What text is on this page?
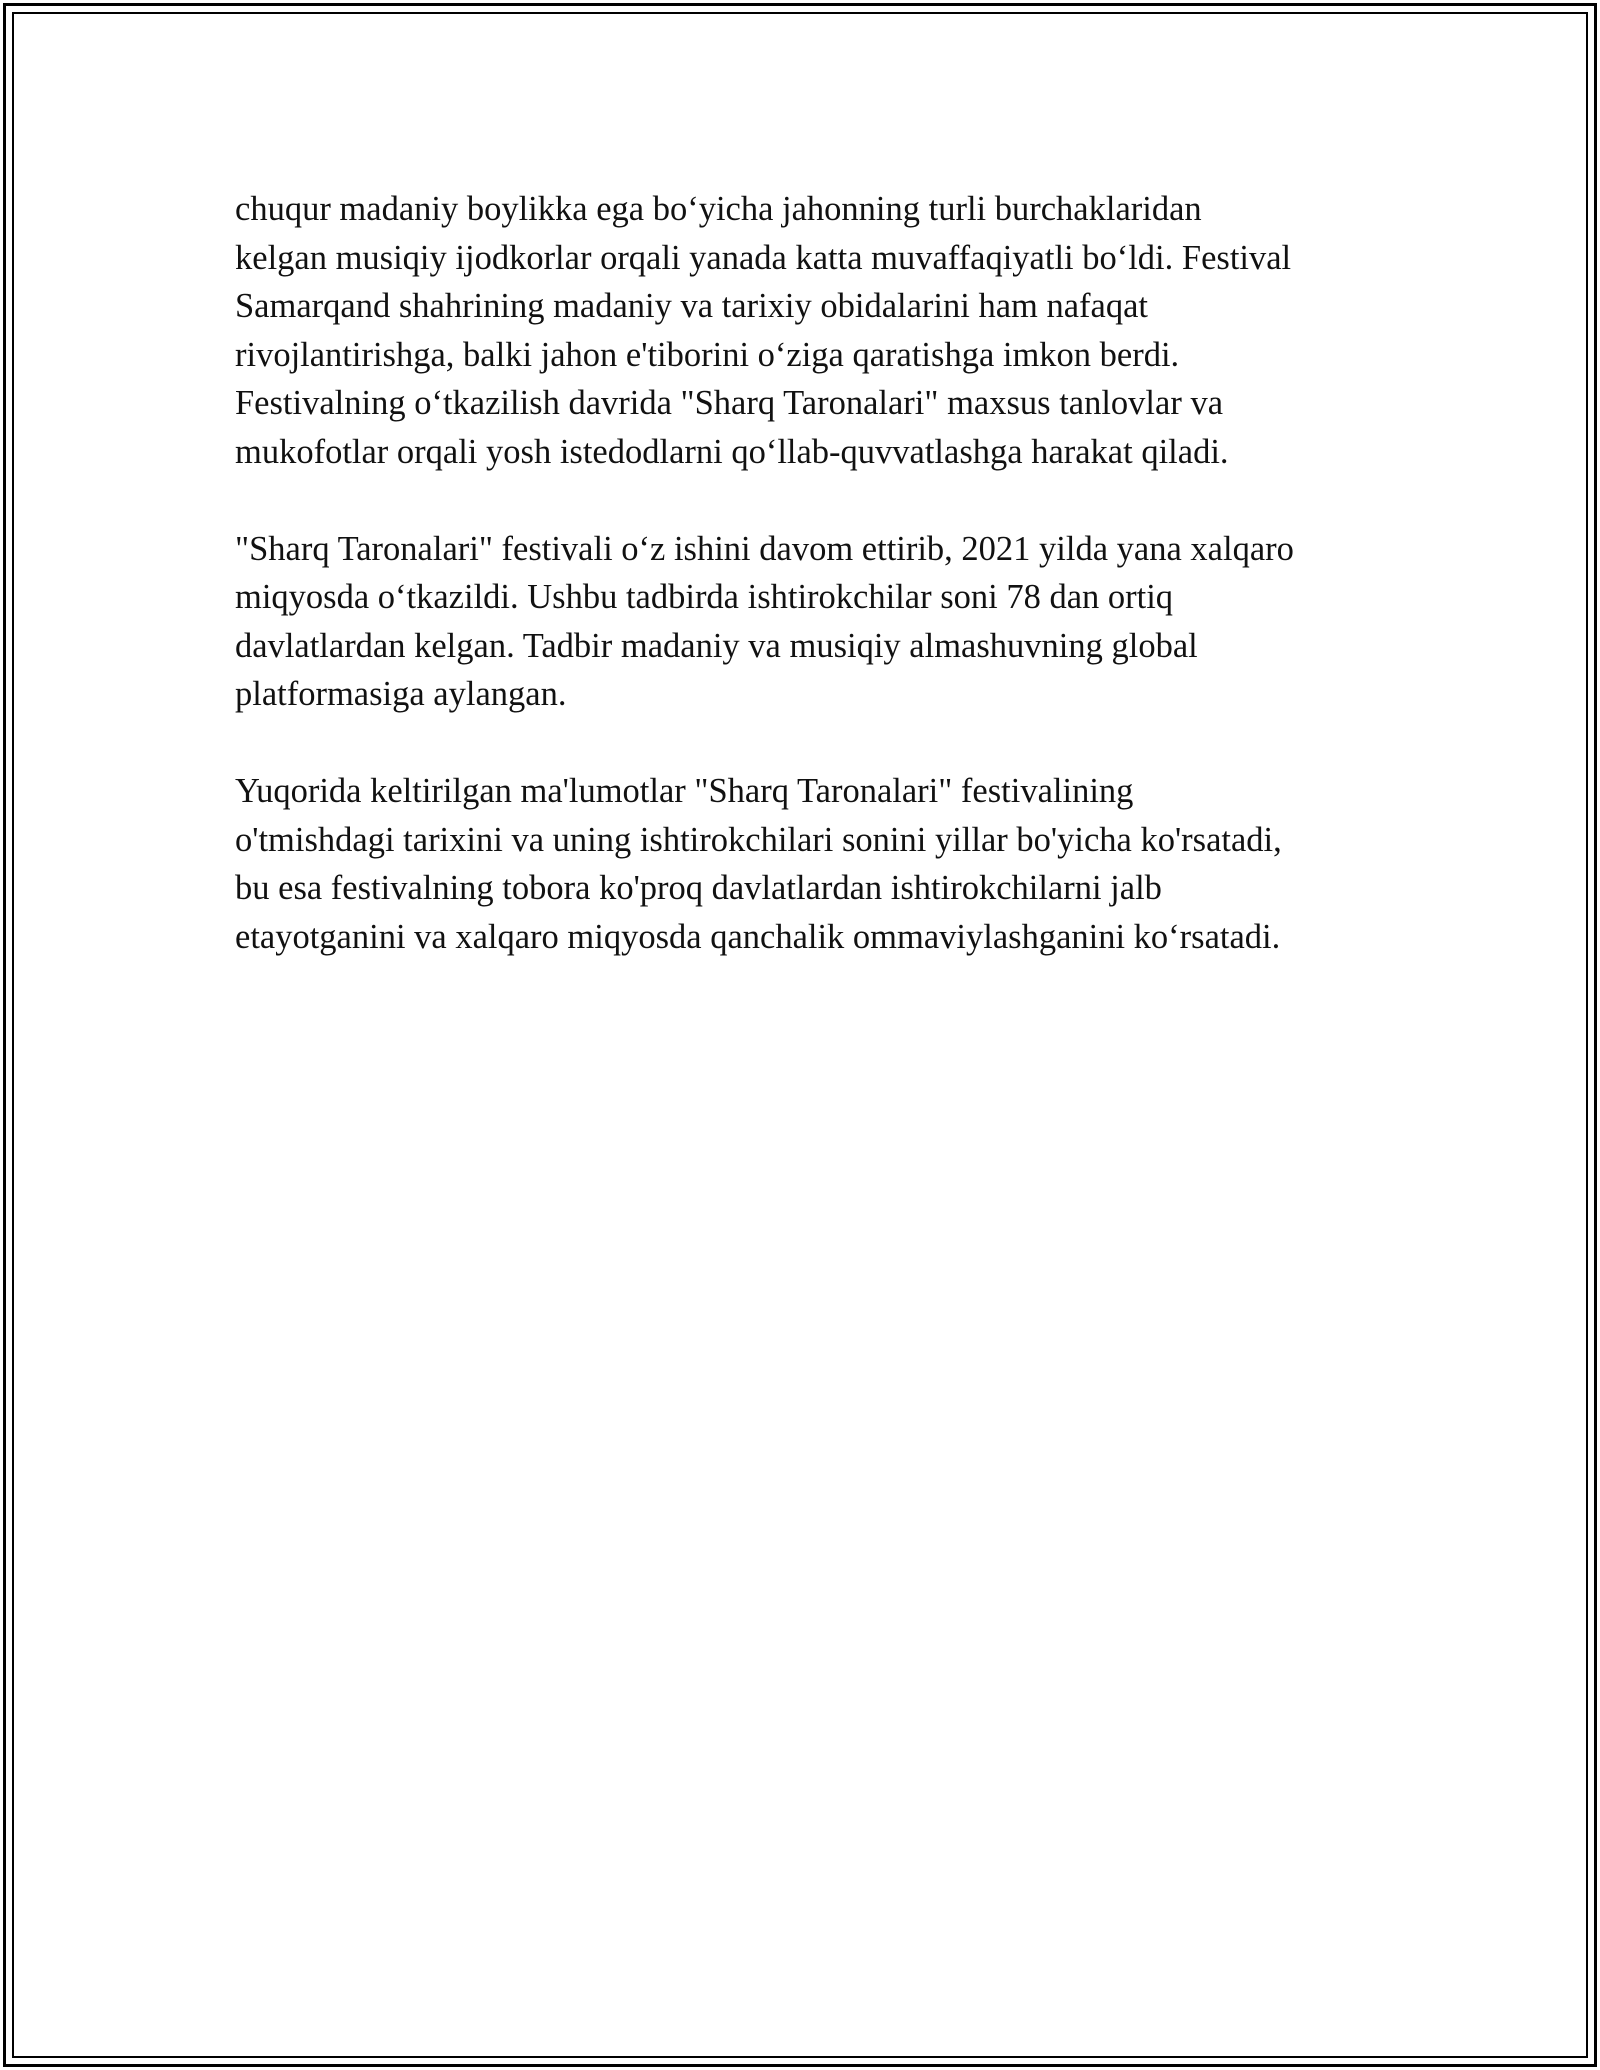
chuqur madaniy boylikka ega bo‘yicha jahonning turli burchaklaridan
kelgan musiqiy ijodkorlar orqali yanada katta muvaffaqiyatli bo‘ldi. Festival
Samarqand shahrining madaniy va tarixiy obidalarini ham nafaqat
rivojlantirishga, balki jahon e'tiborini o‘ziga qaratishga imkon berdi.
Festivalning o‘tkazilish davrida "Sharq Taronalari" maxsus tanlovlar va
mukofotlar orqali yosh istedodlarni qo‘llab-quvvatlashga harakat qiladi.

"Sharq Taronalari" festivali o‘z ishini davom ettirib, 2021 yilda yana xalqaro
miqyosda o‘tkazildi. Ushbu tadbirda ishtirokchilar soni 78 dan ortiq
davlatlardan kelgan. Tadbir madaniy va musiqiy almashuvning global
platformasiga aylangan.

Yuqorida keltirilgan ma'lumotlar "Sharq Taronalari" festivalining
o'tmishdagi tarixini va uning ishtirokchilari sonini yillar bo'yicha ko'rsatadi,
bu esa festivalning tobora ko'proq davlatlardan ishtirokchilarni jalb
etayotganini va xalqaro miqyosda qanchalik ommaviylashganini ko‘rsatadi.
